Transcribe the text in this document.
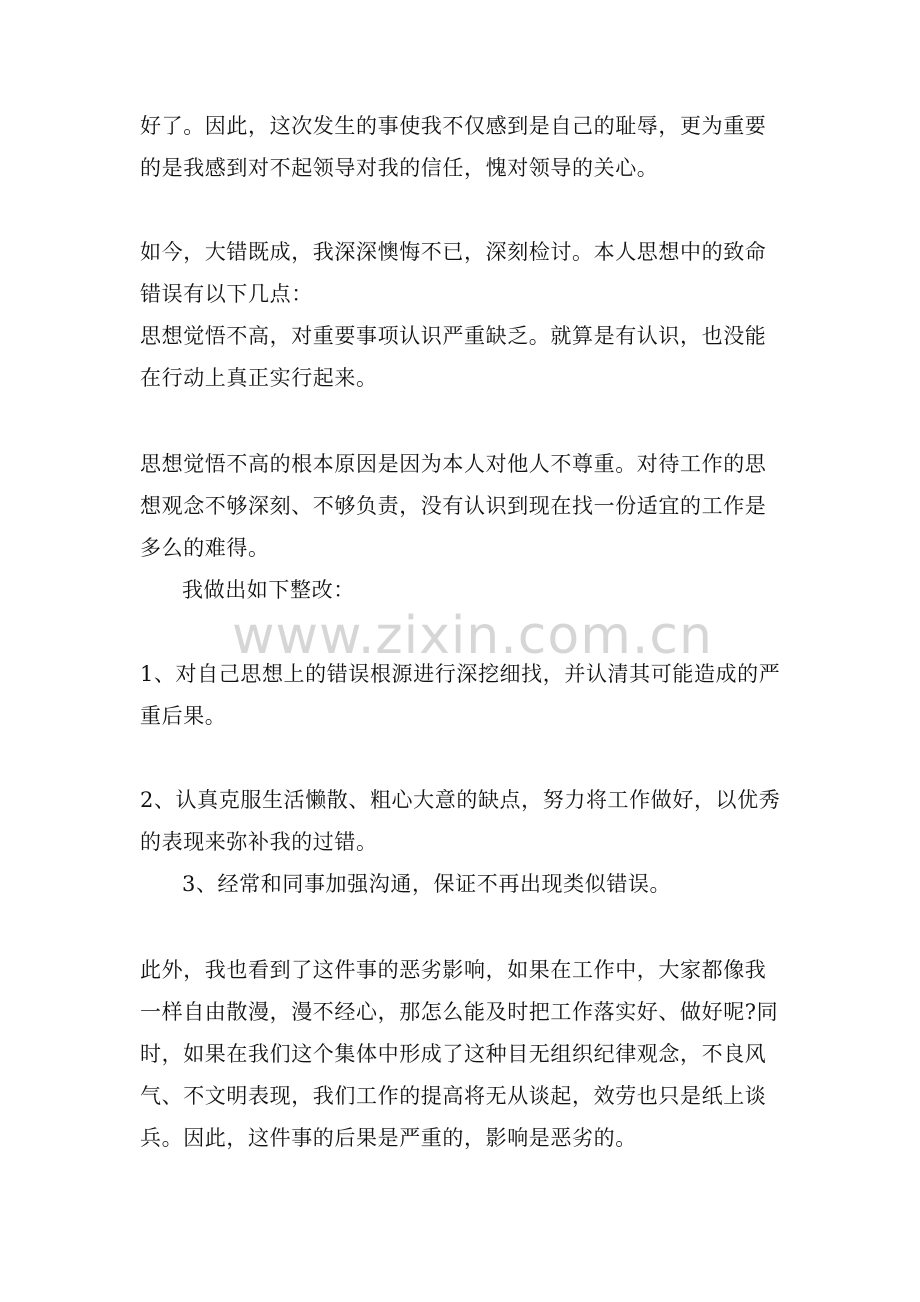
www.zixin.com.cn
好了。因此，这次发生的事使我不仅感到是自己的耻辱，更为重要
的是我感到对不起领导对我的信任，愧对领导的关心。
如今，大错既成，我深深懊悔不已，深刻检讨。本人思想中的致命
错误有以下几点：
思想觉悟不高，对重要事项认识严重缺乏。就算是有认识，也没能
在行动上真正实行起来。
思想觉悟不高的根本原因是因为本人对他人不尊重。对待工作的思
想观念不够深刻、不够负责，没有认识到现在找一份适宜的工作是
多么的难得。
我做出如下整改：
1、对自己思想上的错误根源进行深挖细找，并认清其可能造成的严
重后果。
2、认真克服生活懒散、粗心大意的缺点，努力将工作做好，以优秀
的表现来弥补我的过错。
3、经常和同事加强沟通，保证不再出现类似错误。
此外，我也看到了这件事的恶劣影响，如果在工作中，大家都像我
一样自由散漫，漫不经心，那怎么能及时把工作落实好、做好呢?同
时，如果在我们这个集体中形成了这种目无组织纪律观念，不良风
气、不文明表现，我们工作的提高将无从谈起，效劳也只是纸上谈
兵。因此，这件事的后果是严重的，影响是恶劣的。
